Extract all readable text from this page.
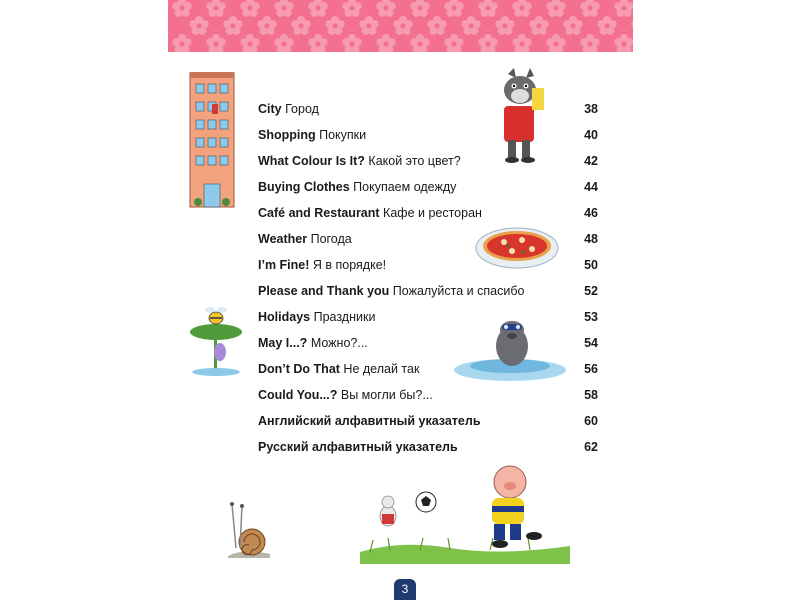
City Город	38
Shopping Покупки	40
What Colour Is It? Какой это цвет?	42
Buying Clothes Покупаем одежду	44
Café and Restaurant Кафе и ресторан	46
Weather Погода	48
I’m Fine! Я в порядке!	50
Please and Thank you Пожалуйста и спасибо	52
Holidays Праздники	53
May I...? Можно?...	54
Don’t Do That Не делай так	56
Could You...? Вы могли бы?...	58
Английский алфавитный указатель	60
Русский алфавитный указатель	62
3
